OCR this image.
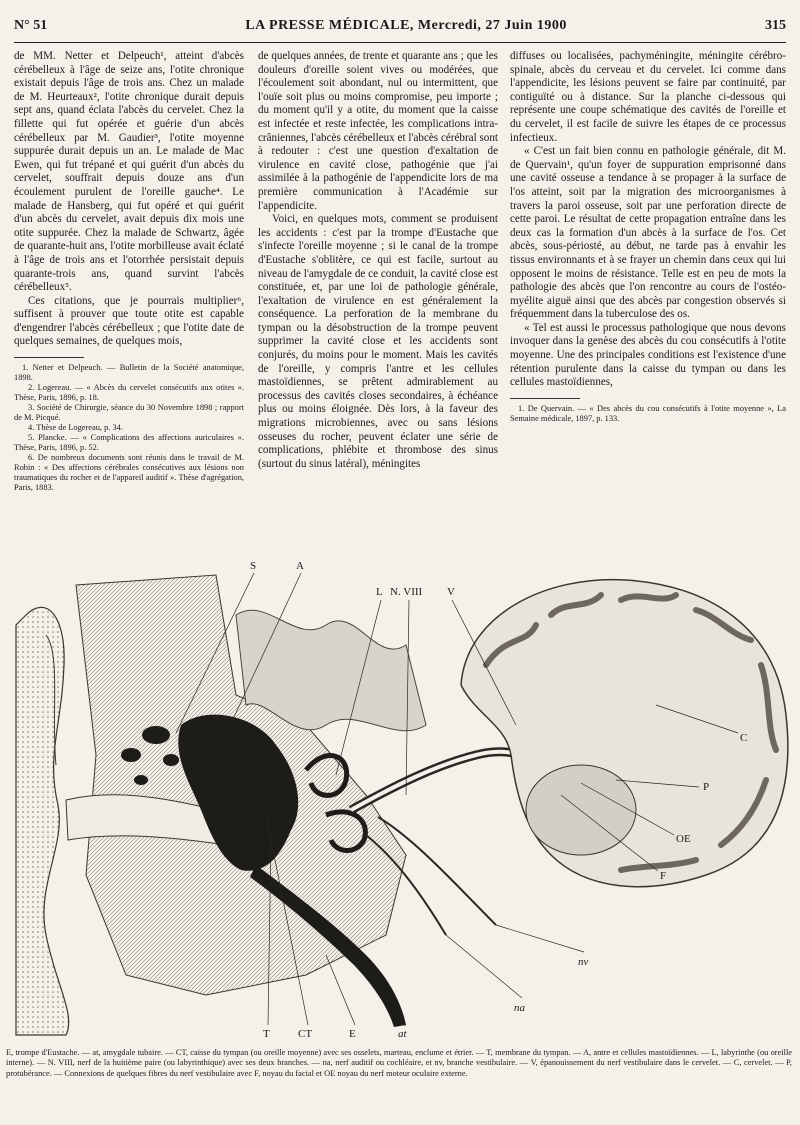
N° 51	LA PRESSE MÉDICALE, Mercredi, 27 Juin 1900	315

de MM. Netter et Delpeuch¹, atteint d'abcès cérébelleux à l'âge de seize ans, l'otite chronique existait depuis l'âge de trois ans. Chez un malade de M. Heurteaux², l'otite chronique durait depuis sept ans, quand éclata l'abcès du cervelet. Chez la fillette qui fut opérée et guérie d'un abcès cérébelleux par M. Gaudier³, l'otite moyenne suppurée durait depuis un an. Le malade de Mac Ewen, qui fut trépané et qui guérit d'un abcès du cervelet, souffrait depuis douze ans d'un écoulement purulent de l'oreille gauche⁴. Le malade de Hansberg, qui fut opéré et qui guérit d'un abcès du cervelet, avait depuis dix mois une otite suppurée. Chez la malade de Schwartz, âgée de quarante-huit ans, l'otite morbilleuse avait éclaté à l'âge de trois ans et l'otorrhée persistait depuis quarante-trois ans, quand survint l'abcès cérébelleux⁵.

Ces citations, que je pourrais multiplier⁶, suffisent à prouver que toute otite est capable d'engendrer l'abcès cérébelleux ; que l'otite date de quelques semaines, de quelques mois,

1. Netter et Delpeuch. — Bulletin de la Société anatomique, 1898.

2. Logereau. — « Abcès du cervelet consécutifs aux otites ». Thèse, Paris, 1896, p. 18.

3. Société de Chirurgie, séance du 30 Novembre 1898 ; rapport de M. Picqué.

4. Thèse de Logereau, p. 34.

5. Plancke. — « Complications des affections auriculaires ». Thèse, Paris, 1896, p. 52.

6. De nombreux documents sont réunis dans le travail de M. Robin : « Des affections cérébrales consécutives aux lésions non traumatiques du rocher et de l'appareil auditif ». Thèse d'agrégation, Paris, 1883.

de quelques années, de trente et quarante ans ; que les douleurs d'oreille soient vives ou modérées, que l'écoulement soit abondant, nul ou intermittent, que l'ouïe soit plus ou moins compromise, peu importe ; du moment qu'il y a otite, du moment que la caisse est infectée et reste infectée, les complications intra-crâniennes, l'abcès cérébelleux et l'abcès cérébral sont à redouter : c'est une question d'exaltation de virulence en cavité close, pathogénie que j'ai assimilée à la pathogénie de l'appendicite lors de ma première communication à l'Académie sur l'appendicite.

Voici, en quelques mots, comment se produisent les accidents : c'est par la trompe d'Eustache que s'infecte l'oreille moyenne ; si le canal de la trompe d'Eustache s'oblitère, ce qui est facile, surtout au niveau de l'amygdale de ce conduit, la cavité close est constituée, et, par une loi de pathologie générale, l'exaltation de virulence en est généralement la conséquence. La perforation de la membrane du tympan ou la désobstruction de la trompe peuvent supprimer la cavité close et les accidents sont conjurés, du moins pour le moment. Mais les cavités de l'oreille, y compris l'antre et les cellules mastoïdiennes, se prêtent admirablement au processus des cavités closes secondaires, à échéance plus ou moins éloignée. Dès lors, à la faveur des migrations microbiennes, avec ou sans lésions osseuses du rocher, peuvent éclater une série de complications, phlébite et thrombose des sinus (surtout du sinus latéral), méningites

diffuses ou localisées, pachyméningite, méningite cérébro-spinale, abcès du cerveau et du cervelet. Ici comme dans l'appendicite, les lésions peuvent se faire par continuité, par contiguïté ou à distance. Sur la planche ci-dessous qui représente une coupe schématique des cavités de l'oreille et du cervelet, il est facile de suivre les étapes de ce processus infectieux.

« C'est un fait bien connu en pathologie générale, dit M. de Quervain¹, qu'un foyer de suppuration emprisonné dans une cavité osseuse a tendance à se propager à la surface de l'os atteint, soit par la migration des microorganismes à travers la paroi osseuse, soit par une perforation directe de cette paroi. Le résultat de cette propagation entraîne dans les deux cas la formation d'un abcès à la surface de l'os. Cet abcès, sous-périosté, au début, ne tarde pas à envahir les tissus environnants et à se frayer un chemin dans ceux qui lui opposent le moins de résistance. Telle est en peu de mots la pathologie des abcès que l'on rencontre au cours de l'ostéo-myélite aiguë ainsi que des abcès par congestion observés si fréquemment dans la tuberculose des os.

« Tel est aussi le processus pathologique que nous devons invoquer dans la genèse des abcès du cou consécutifs à l'otite moyenne. Une des principales conditions est l'existence d'une rétention purulente dans la caisse du tympan ou dans les cellules mastoïdiennes,

1. De Quervain. — « Des abcès du cou consécutifs à l'otite moyenne », La Semaine médicale, 1897, p. 133.

S	A
L N. VIII V
C
P
OE
F
nv
na
T	CT	E	at
E, trompe d'Eustache. — at, amygdale tubaire. — CT, caisse du tympan (ou oreille moyenne) avec ses osselets, marteau, enclume et étrier. — T, membrane du tympan. — A, antre et cellules mastoïdiennes. — L, labyrinthe (ou oreille interne). — N. VIII, nerf de la huitième paire (ou labyrinthique) avec ses deux branches. — na, nerf auditif ou cochléaire, et nv, branche vestibulaire. — V, épanouissement du nerf vestibulaire dans le cervelet. — C, cervelet. — P, protubérance. — Connexions de quelques fibres du nerf vestibulaire avec F, noyau du facial et OE noyau du nerf moteur oculaire externe.
